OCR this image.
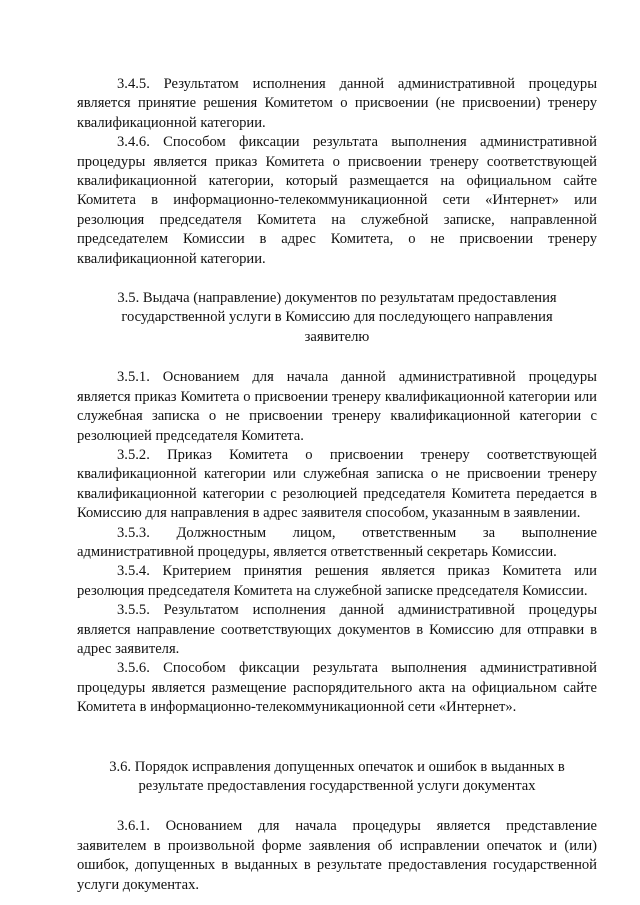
3.4.5. Результатом исполнения данной административной процедуры является принятие решения Комитетом о присвоении (не присвоении) тренеру квалификационной категории.

3.4.6. Способом фиксации результата выполнения административной процедуры является приказ Комитета о присвоении тренеру соответствующей квалификационной категории, который размещается на официальном сайте Комитета в информационно-телекоммуникационной сети «Интернет» или резолюция председателя Комитета на служебной записке, направленной председателем Комиссии в адрес Комитета, о не присвоении тренеру квалификационной категории.

3.5. Выдача (направление) документов по результатам предоставления государственной услуги в Комиссию для последующего направления заявителю

3.5.1. Основанием для начала данной административной процедуры является приказ Комитета о присвоении тренеру квалификационной категории или служебная записка о не присвоении тренеру квалификационной категории с резолюцией председателя Комитета.

3.5.2. Приказ Комитета о присвоении тренеру соответствующей квалификационной категории или служебная записка о не присвоении тренеру квалификационной категории с резолюцией председателя Комитета передается в Комиссию для направления в адрес заявителя способом, указанным в заявлении.

3.5.3. Должностным лицом, ответственным за выполнение административной процедуры, является ответственный секретарь Комиссии.

3.5.4. Критерием принятия решения является приказ Комитета или резолюция председателя Комитета на служебной записке председателя Комиссии.

3.5.5. Результатом исполнения данной административной процедуры является направление соответствующих документов в Комиссию для отправки в адрес заявителя.

3.5.6. Способом фиксации результата выполнения административной процедуры является размещение распорядительного акта на официальном сайте Комитета в информационно-телекоммуникационной сети «Интернет».

3.6. Порядок исправления допущенных опечаток и ошибок в выданных в результате предоставления государственной услуги документах

3.6.1. Основанием для начала процедуры является представление заявителем в произвольной форме заявления об исправлении опечаток и (или) ошибок, допущенных в выданных в результате предоставления государственной услуги документах.
